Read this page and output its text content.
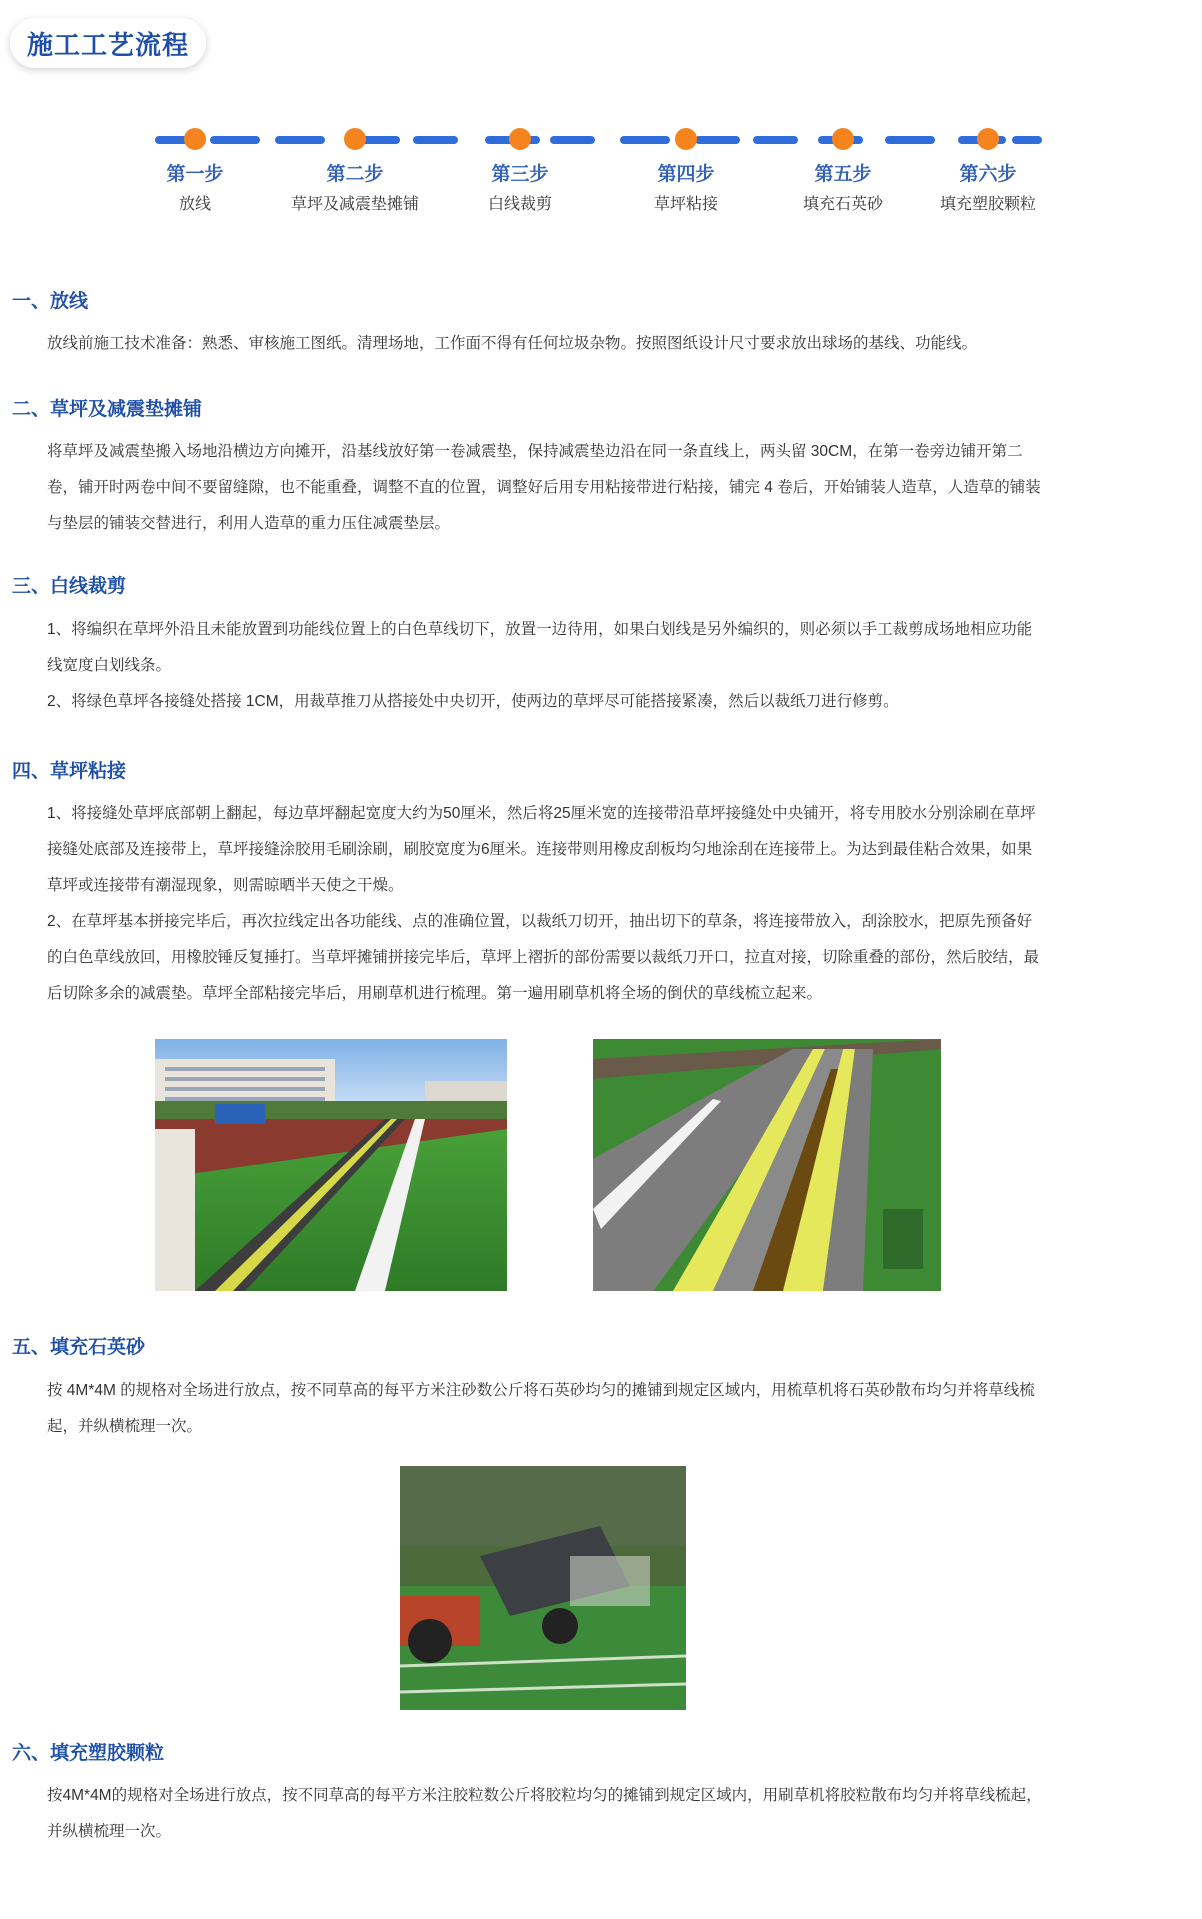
施工工艺流程
第一步
放线
第二步
草坪及减震垫摊铺
第三步
白线裁剪
第四步
草坪粘接
第五步
填充石英砂
第六步
填充塑胶颗粒
一、放线

放线前施工技术准备：熟悉、审核施工图纸。清理场地，工作面不得有任何垃圾杂物。按照图纸设计尺寸要求放出球场的基线、功能线。

二、草坪及减震垫摊铺

将草坪及减震垫搬入场地沿横边方向摊开，沿基线放好第一卷减震垫，保持减震垫边沿在同一条直线上，两头留 30CM，在第一卷旁边铺开第二卷，铺开时两卷中间不要留缝隙，也不能重叠，调整不直的位置，调整好后用专用粘接带进行粘接，铺完 4 卷后，开始铺装人造草，人造草的铺装与垫层的铺装交替进行，利用人造草的重力压住减震垫层。

三、白线裁剪

1、将编织在草坪外沿且未能放置到功能线位置上的白色草线切下，放置一边待用，如果白划线是另外编织的，则必须以手工裁剪成场地相应功能线宽度白划线条。

2、将绿色草坪各接缝处搭接 1CM，用裁草推刀从搭接处中央切开，使两边的草坪尽可能搭接紧凑，然后以裁纸刀进行修剪。

四、草坪粘接

1、将接缝处草坪底部朝上翻起，每边草坪翻起宽度大约为50厘米，然后将25厘米宽的连接带沿草坪接缝处中央铺开，将专用胶水分别涂刷在草坪接缝处底部及连接带上，草坪接缝涂胶用毛刷涂刷，刷胶宽度为6厘米。连接带则用橡皮刮板均匀地涂刮在连接带上。为达到最佳粘合效果，如果草坪或连接带有潮湿现象，则需晾晒半天使之干燥。

2、在草坪基本拼接完毕后，再次拉线定出各功能线、点的准确位置，以裁纸刀切开，抽出切下的草条，将连接带放入，刮涂胶水，把原先预备好的白色草线放回，用橡胶锤反复捶打。当草坪摊铺拼接完毕后，草坪上褶折的部份需要以裁纸刀开口，拉直对接，切除重叠的部份，然后胶结，最后切除多余的减震垫。草坪全部粘接完毕后，用刷草机进行梳理。第一遍用刷草机将全场的倒伏的草线梳立起来。

五、填充石英砂

按 4M*4M 的规格对全场进行放点，按不同草高的每平方米注砂数公斤将石英砂均匀的摊铺到规定区域内，用梳草机将石英砂散布均匀并将草线梳起，并纵横梳理一次。

六、填充塑胶颗粒

按4M*4M的规格对全场进行放点，按不同草高的每平方米注胶粒数公斤将胶粒均匀的摊铺到规定区域内，用刷草机将胶粒散布均匀并将草线梳起，并纵横梳理一次。
